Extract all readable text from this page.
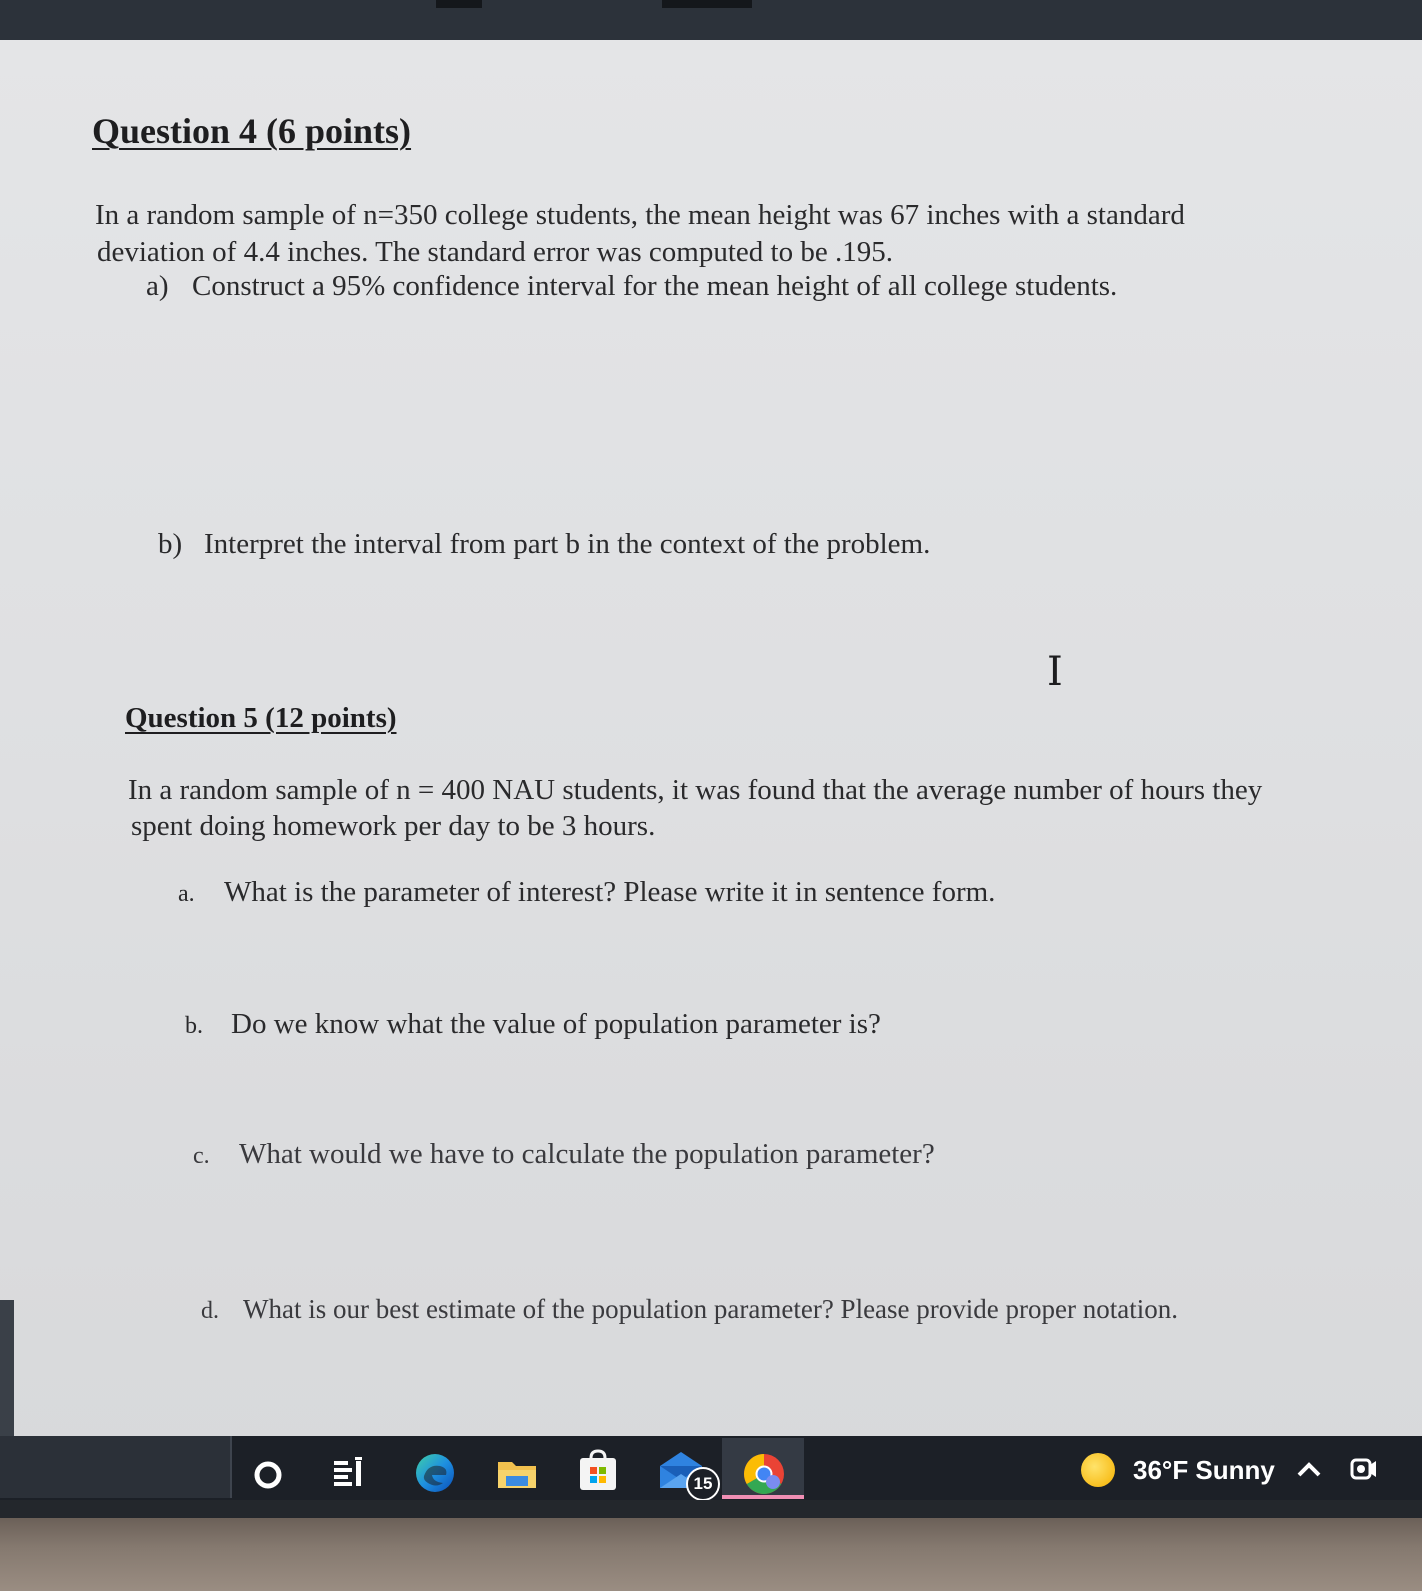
Question 4 (6 points)
In a random sample of n=350 college students, the mean height was 67 inches with a standard
deviation of 4.4 inches. The standard error was computed to be .195.
a) Construct a 95% confidence interval for the mean height of all college students.
b) Interpret the interval from part b in the context of the problem.
Question 5 (12 points)
In a random sample of n = 400 NAU students, it was found that the average number of hours they
spent doing homework per day to be 3 hours.
a. What is the parameter of interest? Please write it in sentence form.
b. Do we know what the value of population parameter is?
c. What would we have to calculate the population parameter?
d. What is our best estimate of the population parameter? Please provide proper notation.
I
15	36°F Sunny
